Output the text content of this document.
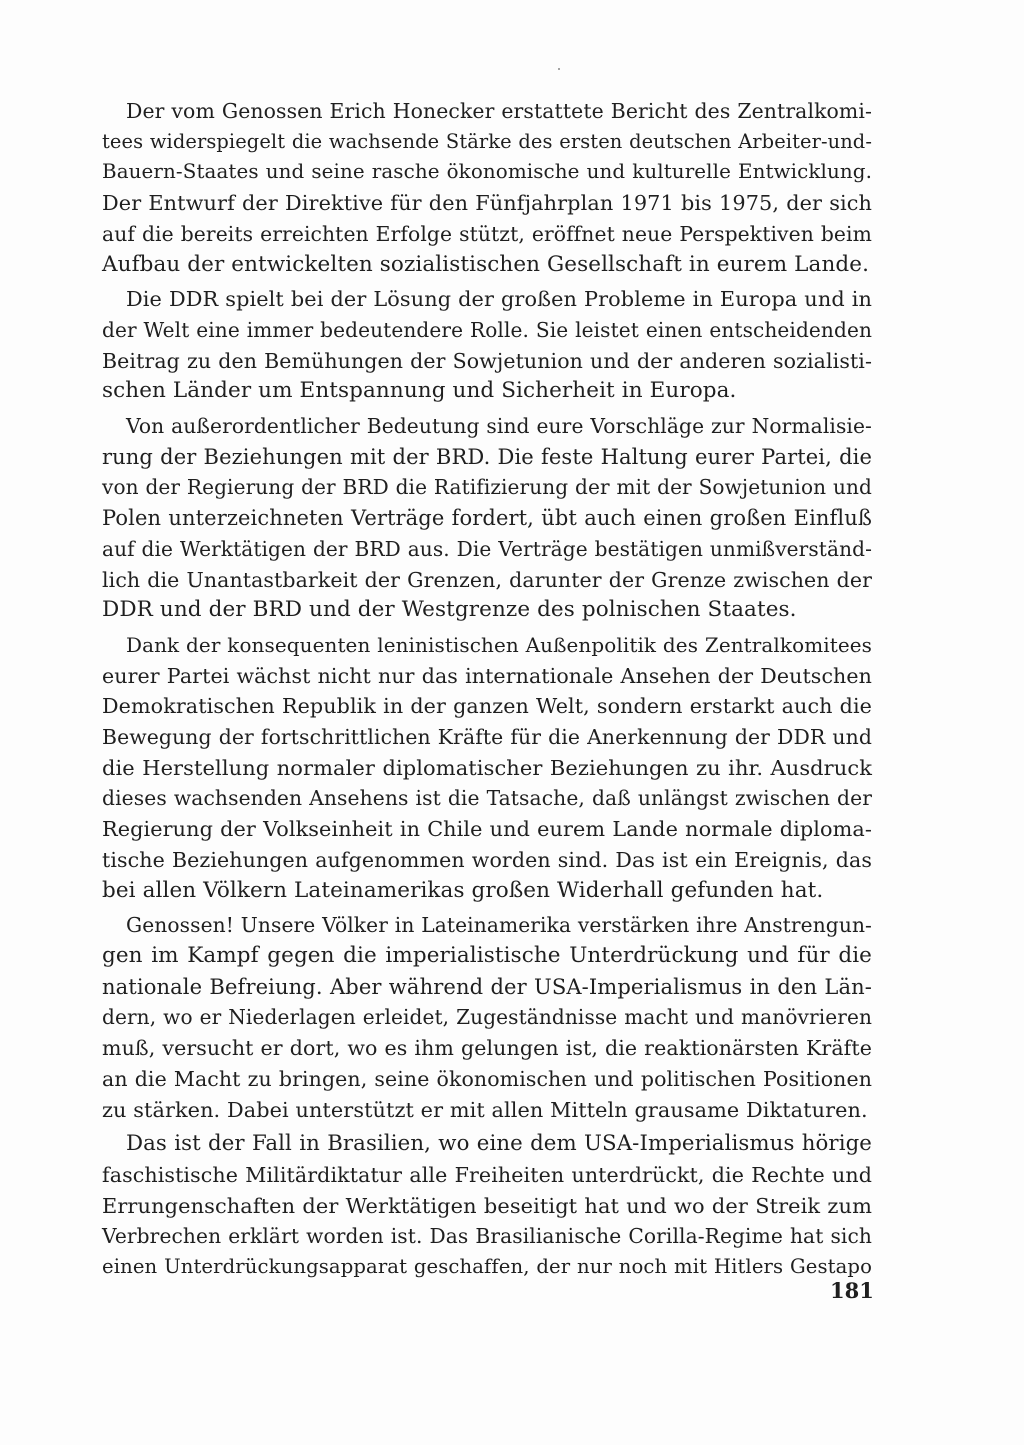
Der vom Genossen Erich Honecker erstattete Bericht des Zentralkomi-
tees widerspiegelt die wachsende Stärke des ersten deutschen Arbeiter-und-
Bauern-Staates und seine rasche ökonomische und kulturelle Entwicklung.
Der Entwurf der Direktive für den Fünfjahrplan 1971 bis 1975, der sich
auf die bereits erreichten Erfolge stützt, eröffnet neue Perspektiven beim
Aufbau der entwickelten sozialistischen Gesellschaft in eurem Lande.

Die DDR spielt bei der Lösung der großen Probleme in Europa und in
der Welt eine immer bedeutendere Rolle. Sie leistet einen entscheidenden
Beitrag zu den Bemühungen der Sowjetunion und der anderen sozialisti-
schen Länder um Entspannung und Sicherheit in Europa.

Von außerordentlicher Bedeutung sind eure Vorschläge zur Normalisie-
rung der Beziehungen mit der BRD. Die feste Haltung eurer Partei, die
von der Regierung der BRD die Ratifizierung der mit der Sowjetunion und
Polen unterzeichneten Verträge fordert, übt auch einen großen Einfluß
auf die Werktätigen der BRD aus. Die Verträge bestätigen unmißverständ-
lich die Unantastbarkeit der Grenzen, darunter der Grenze zwischen der
DDR und der BRD und der Westgrenze des polnischen Staates.

Dank der konsequenten leninistischen Außenpolitik des Zentralkomitees
eurer Partei wächst nicht nur das internationale Ansehen der Deutschen
Demokratischen Republik in der ganzen Welt, sondern erstarkt auch die
Bewegung der fortschrittlichen Kräfte für die Anerkennung der DDR und
die Herstellung normaler diplomatischer Beziehungen zu ihr. Ausdruck
dieses wachsenden Ansehens ist die Tatsache, daß unlängst zwischen der
Regierung der Volkseinheit in Chile und eurem Lande normale diploma-
tische Beziehungen aufgenommen worden sind. Das ist ein Ereignis, das
bei allen Völkern Lateinamerikas großen Widerhall gefunden hat.

Genossen! Unsere Völker in Lateinamerika verstärken ihre Anstrengun-
gen im Kampf gegen die imperialistische Unterdrückung und für die
nationale Befreiung. Aber während der USA-Imperialismus in den Län-
dern, wo er Niederlagen erleidet, Zugeständnisse macht und manövrieren
muß, versucht er dort, wo es ihm gelungen ist, die reaktionärsten Kräfte
an die Macht zu bringen, seine ökonomischen und politischen Positionen
zu stärken. Dabei unterstützt er mit allen Mitteln grausame Diktaturen.

Das ist der Fall in Brasilien, wo eine dem USA-Imperialismus hörige
faschistische Militärdiktatur alle Freiheiten unterdrückt, die Rechte und
Errungenschaften der Werktätigen beseitigt hat und wo der Streik zum
Verbrechen erklärt worden ist. Das Brasilianische Corilla-Regime hat sich
einen Unterdrückungsapparat geschaffen, der nur noch mit Hitlers Gestapo

181
